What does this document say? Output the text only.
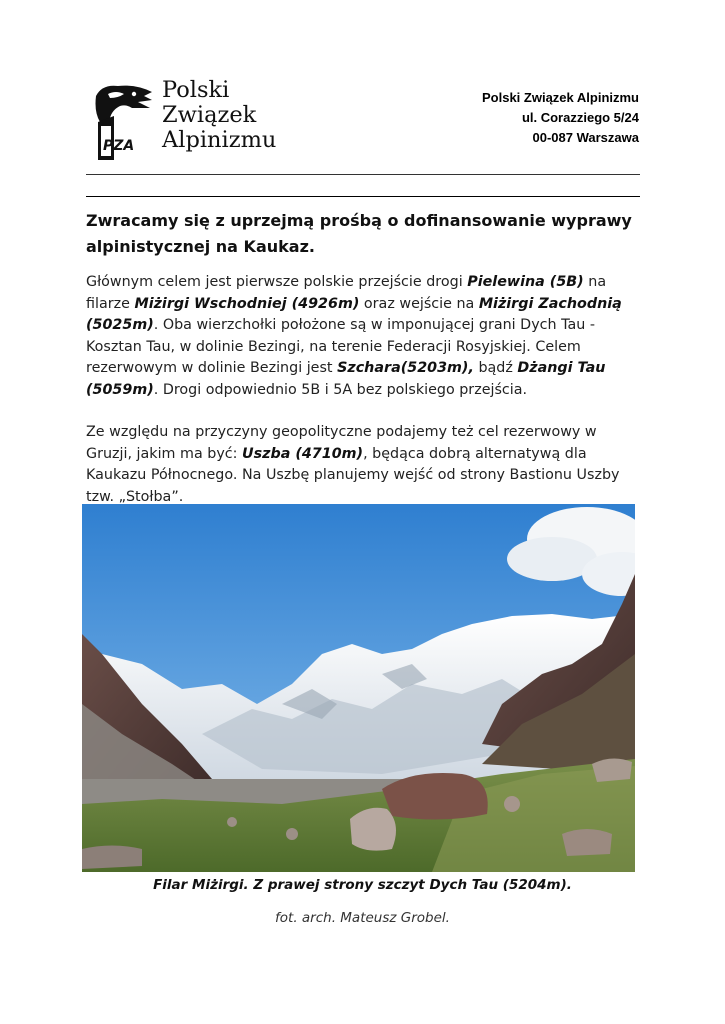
PZA
Polski
Związek
Alpinizmu
Polski Związek Alpinizmu
ul. Corazziego 5/24
00-087 Warszawa
Zwracamy się z uprzejmą prośbą o dofinansowanie wyprawy alpinistycznej na Kaukaz.
Głównym celem jest pierwsze polskie przejście drogi Pielewina (5B) na filarze Miżirgi Wschodniej (4926m) oraz wejście na Miżirgi Zachodnią (5025m). Oba wierzchołki położone są w imponującej grani Dych Tau - Kosztan Tau, w dolinie Bezingi, na terenie Federacji Rosyjskiej. Celem rezerwowym w dolinie Bezingi jest Szchara(5203m), bądź Dżangi Tau (5059m). Drogi odpowiednio 5B i 5A bez polskiego przejścia.
Ze względu na przyczyny geopolityczne podajemy też cel rezerwowy w Gruzji, jakim ma być: Uszba (4710m), będąca dobrą alternatywą dla Kaukazu Północnego. Na Uszbę planujemy wejść od strony Bastionu Uszby tzw. „Stołba”.
Filar Miżirgi. Z prawej strony szczyt Dych Tau (5204m).
fot. arch. Mateusz Grobel.
